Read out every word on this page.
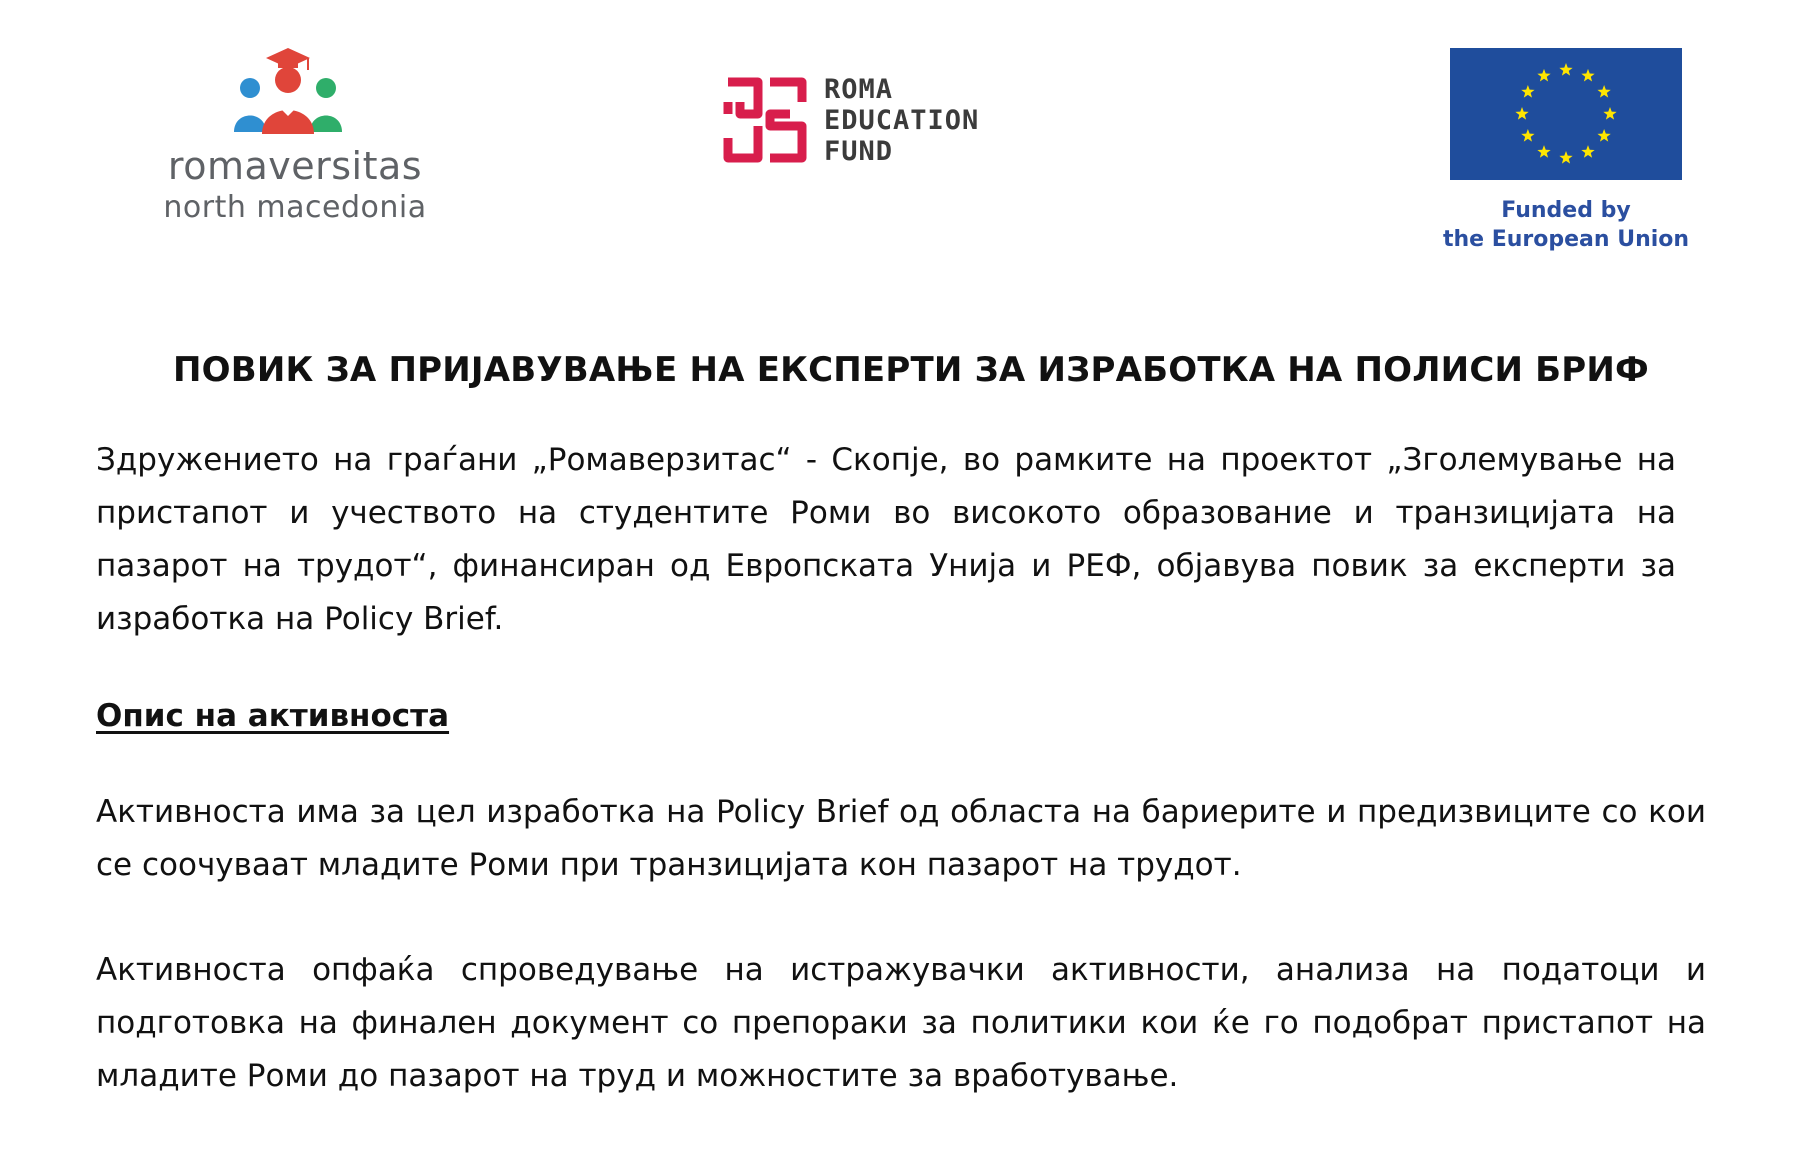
romaversitas
north macedonia
ROMA
EDUCATION
FUND
Funded by
the European Union
ПОВИК ЗА ПРИЈАВУВАЊЕ НА ЕКСПЕРТИ ЗА ИЗРАБОТКА НА ПОЛИСИ БРИФ

Здружението на граѓани „Ромаверзитас“ - Скопје, во рамките на проектот „Зголемување на пристапот и учеството на студентите Роми во високото образование и транзицијата на пазарот на трудот“, финансиран од Европската Унија и РЕФ, објавува повик за експерти за изработка на Policy Brief.

Опис на активноста

Активноста има за цел изработка на Policy Brief од областа на бариерите и предизвиците со кои се соочуваат младите Роми при транзицијата кон пазарот на трудот.

Активноста опфаќа спроведување на истражувачки активности, анализа на податоци и подготовка на финален документ со препораки за политики кои ќе го подобрат пристапот на младите Роми до пазарот на труд и можностите за вработување.
